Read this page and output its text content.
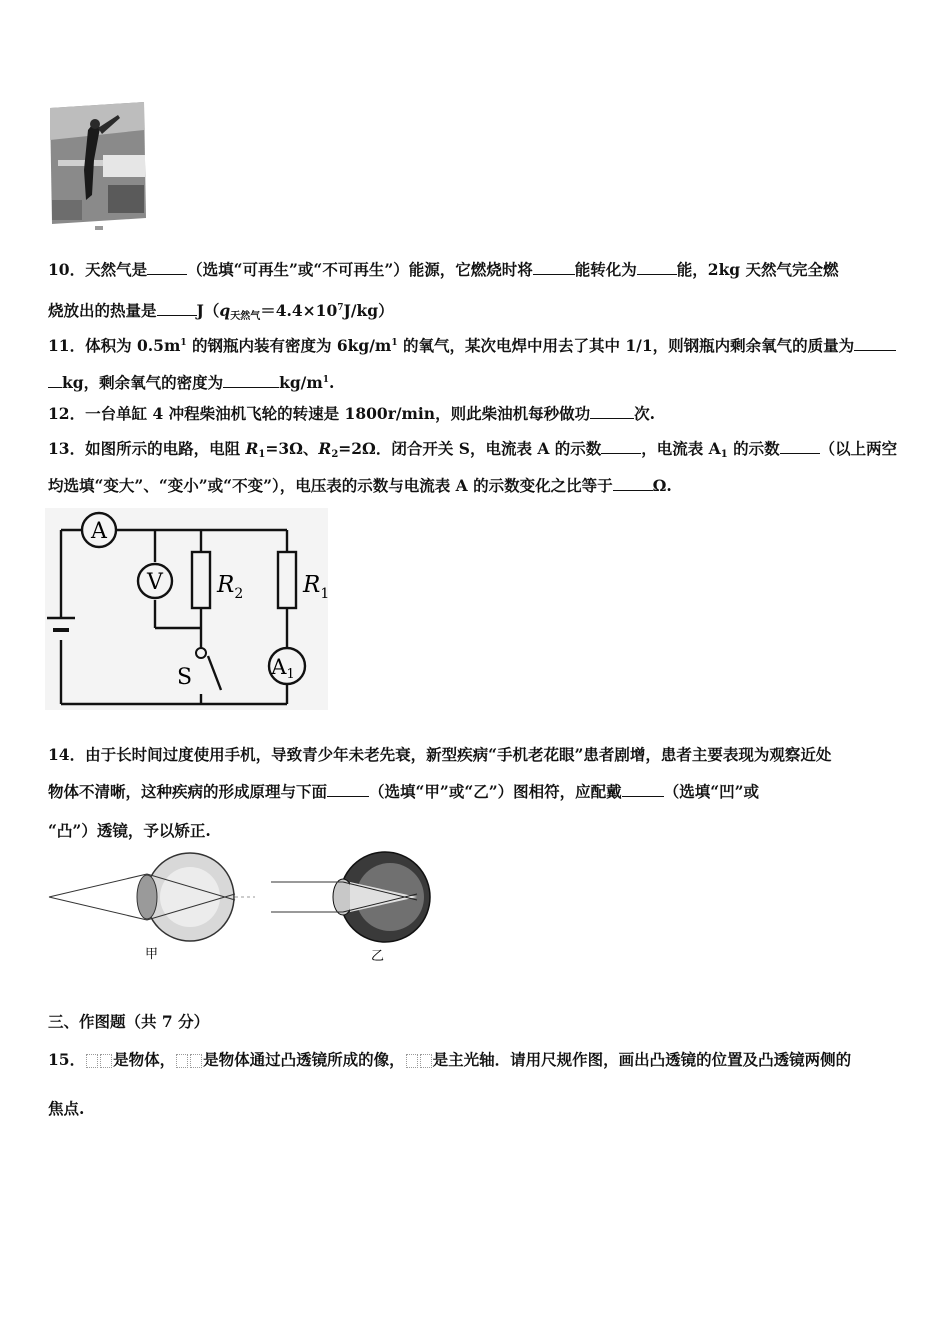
10．天然气是	（选填“可再生”或“不可再生”）能源，它燃烧时将	能转化为	能，2kg 天然气完全燃
烧放出的热量是	$J(q_{天然气}=4.4\times 10^7J/kg)$
11．体积为 $0.5m^1$ 的钢瓶内装有密度为 $6kg/m^1$ 的氧气，某次电焊中用去了其中 1/1，则钢瓶内剩余氧气的质量为
kg，剩余氧气的密度为	$kg/m^1$.
12．一台单缸 4 冲程柴油机飞轮的转速是 1800r/min，则此柴油机每秒做功	次.
13．如图所示的电路，电阻 $R_1=3\Omega$、$R_2=2\Omega$．闭合开关 S，电流表 A 的示数	，电流表 $A_1$ 的示数	（以上两空
均选填“变大”、“变小”或“不变”），电压表的示数与电流表 A 的示数变化之比等于	Ω.
A
V
A1
$R_2$	$R_1$
S
14．由于长时间过度使用手机，导致青少年未老先衰，新型疾病“手机老花眼”患者剧增，患者主要表现为观察近处
物体不清晰，这种疾病的形成原理与下面	（选填“甲”或“乙”）图相符，应配戴	（选填“凹”或
“凸”）透镜，予以矫正.
甲	乙
三、作图题（共 7 分）
15． 是物体， 是物体通过凸透镜所成的像， 是主光轴．请用尺规作图，画出凸透镜的位置及凸透镜两侧的
焦点.
